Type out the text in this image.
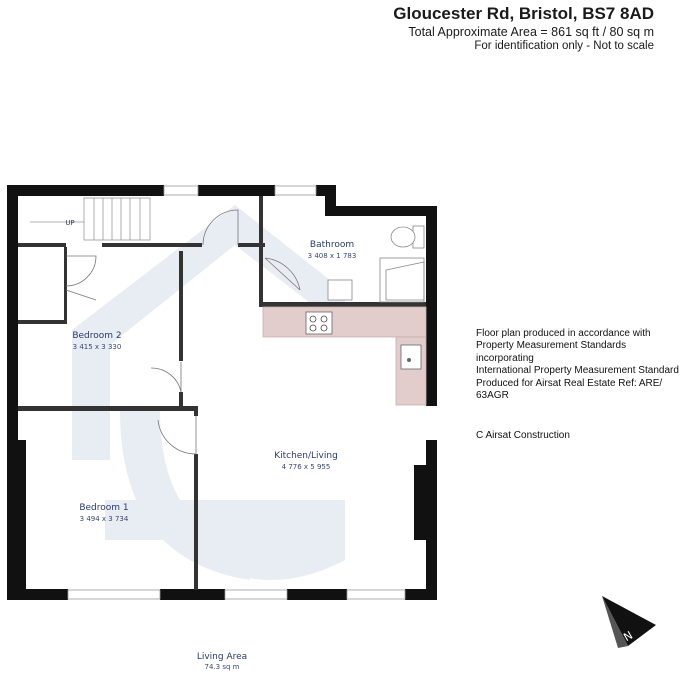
Bathroom
3 408 x 1 783
Bedroom 2
3 415 x 3 330
Kitchen/Living
4 776 x 5 955
Bedroom 1
3 494 x 3 734
UP
Living Area
74.3 sq m
N
Gloucester Rd, Bristol, BS7 8AD
Total Approximate Area = 861 sq ft / 80 sq m
For identification only - Not to scale
Floor plan produced in accordance with
Property Measurement Standards
incorporating
International Property Measurement Standard
Produced for Airsat Real Estate Ref: ARE/
63AGR
C Airsat Construction
